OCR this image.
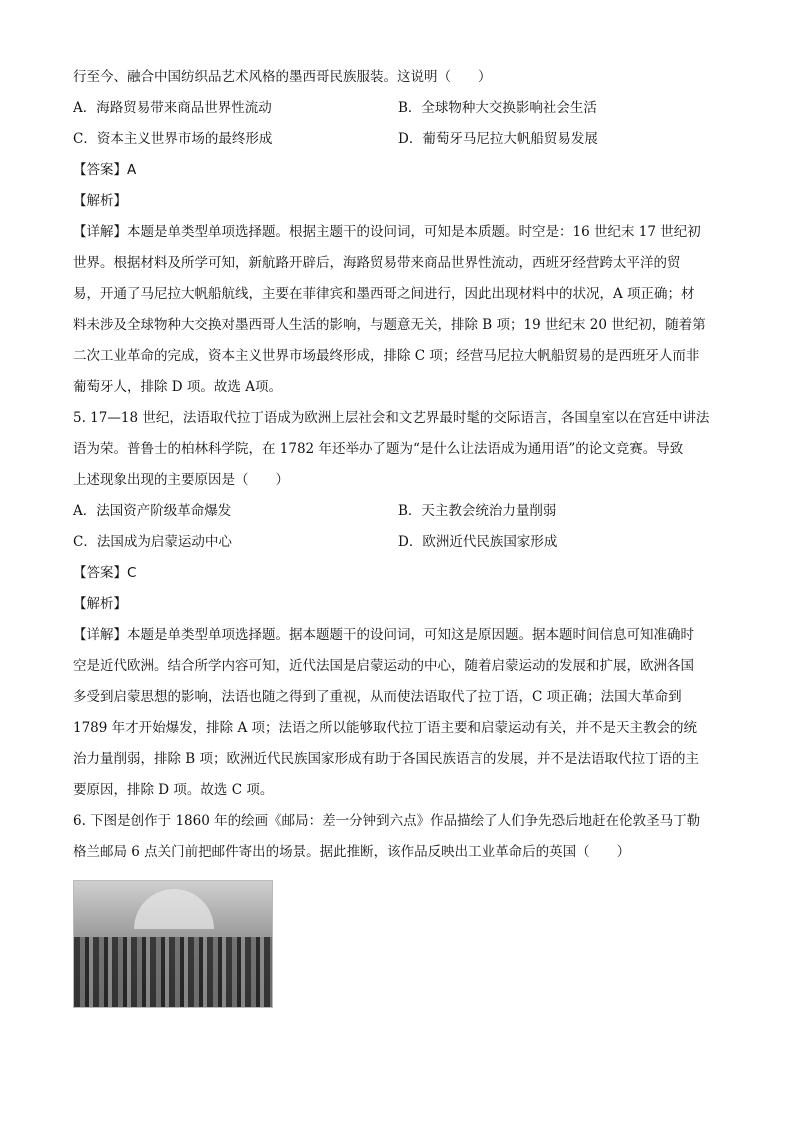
行至今、融合中国纺织品艺术风格的墨西哥民族服装。这说明（　　）
A．海路贸易带来商品世界性流动	B．全球物种大交换影响社会生活
C．资本主义世界市场的最终形成	D．葡萄牙马尼拉大帆船贸易发展
【答案】A
【解析】
【详解】本题是单类型单项选择题。根据主题干的设问词，可知是本质题。时空是：16 世纪末 17 世纪初
世界。根据材料及所学可知，新航路开辟后，海路贸易带来商品世界性流动，西班牙经营跨太平洋的贸
易，开通了马尼拉大帆船航线，主要在菲律宾和墨西哥之间进行，因此出现材料中的状况，A 项正确；材
料未涉及全球物种大交换对墨西哥人生活的影响，与题意无关，排除 B 项；19 世纪末 20 世纪初，随着第
二次工业革命的完成，资本主义世界市场最终形成，排除 C 项；经营马尼拉大帆船贸易的是西班牙人而非
葡萄牙人，排除 D 项。故选 A项。
5. 17—18 世纪，法语取代拉丁语成为欧洲上层社会和文艺界最时髦的交际语言，各国皇室以在宫廷中讲法
语为荣。普鲁士的柏林科学院，在 1782 年还举办了题为“是什么让法语成为通用语”的论文竞赛。导致
上述现象出现的主要原因是（　　）
A．法国资产阶级革命爆发	B．天主教会统治力量削弱
C．法国成为启蒙运动中心	D．欧洲近代民族国家形成
【答案】C
【解析】
【详解】本题是单类型单项选择题。据本题题干的设问词，可知这是原因题。据本题时间信息可知准确时
空是近代欧洲。结合所学内容可知，近代法国是启蒙运动的中心，随着启蒙运动的发展和扩展，欧洲各国
多受到启蒙思想的影响，法语也随之得到了重视，从而使法语取代了拉丁语，C 项正确；法国大革命到
1789 年才开始爆发，排除 A 项；法语之所以能够取代拉丁语主要和启蒙运动有关，并不是天主教会的统
治力量削弱，排除 B 项；欧洲近代民族国家形成有助于各国民族语言的发展，并不是法语取代拉丁语的主
要原因，排除 D 项。故选 C 项。
6. 下图是创作于 1860 年的绘画《邮局：差一分钟到六点》作品描绘了人们争先恐后地赶在伦敦圣马丁勒
格兰邮局 6 点关门前把邮件寄出的场景。据此推断，该作品反映出工业革命后的英国（　　）
